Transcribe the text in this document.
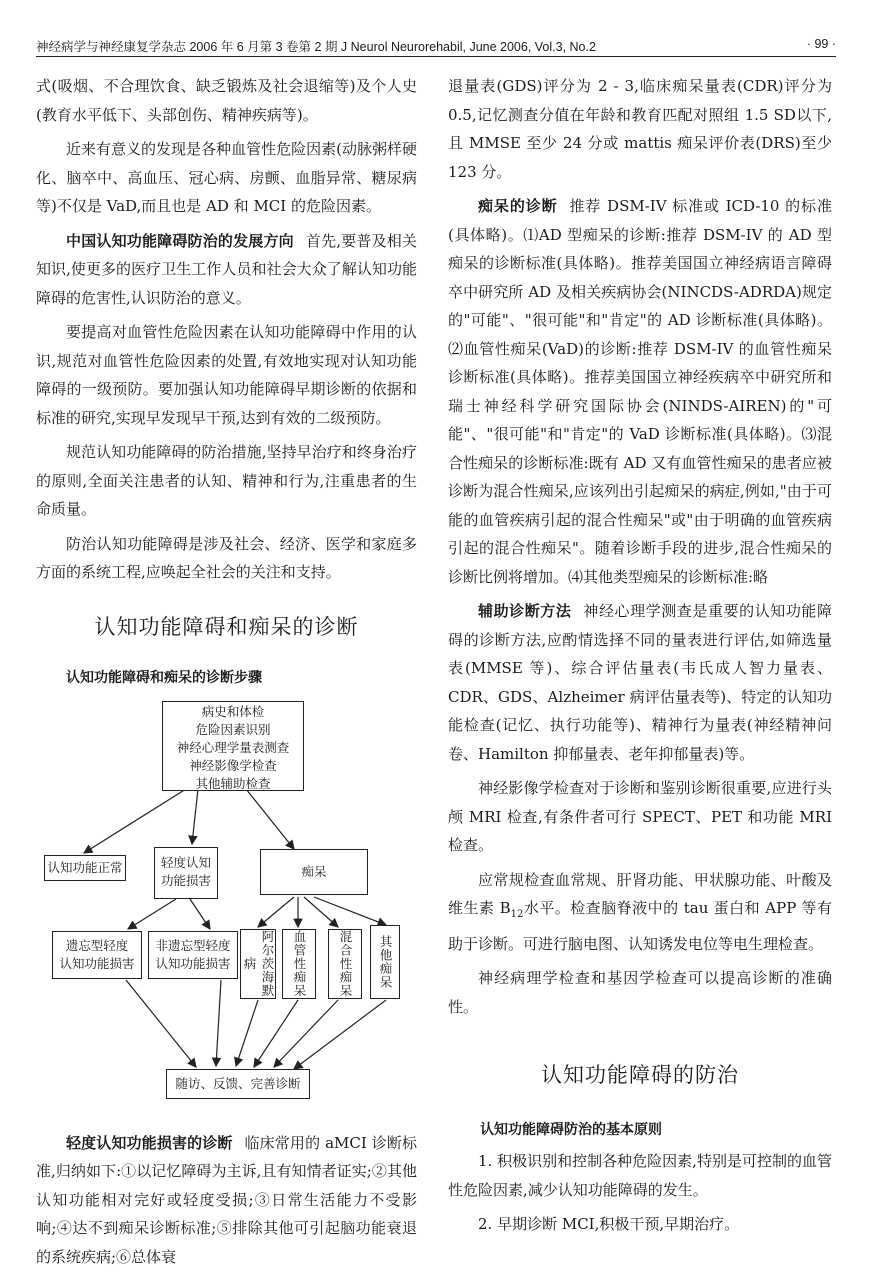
神经病学与神经康复学杂志 2006 年 6 月第 3 卷第 2 期 J Neurol Neurorehabil, June 2006, Vol.3, No.2	· 99 ·

式(吸烟、不合理饮食、缺乏锻炼及社会退缩等)及个人史(教育水平低下、头部创伤、精神疾病等)。

近来有意义的发现是各种血管性危险因素(动脉粥样硬化、脑卒中、高血压、冠心病、房颤、血脂异常、糖尿病等)不仅是 VaD,而且也是 AD 和 MCI 的危险因素。

中国认知功能障碍防治的发展方向 首先,要普及相关知识,使更多的医疗卫生工作人员和社会大众了解认知功能障碍的危害性,认识防治的意义。

要提高对血管性危险因素在认知功能障碍中作用的认识,规范对血管性危险因素的处置,有效地实现对认知功能障碍的一级预防。要加强认知功能障碍早期诊断的依据和标准的研究,实现早发现早干预,达到有效的二级预防。

规范认知功能障碍的防治措施,坚持早治疗和终身治疗的原则,全面关注患者的认知、精神和行为,注重患者的生命质量。

防治认知功能障碍是涉及社会、经济、医学和家庭多方面的系统工程,应唤起全社会的关注和支持。

认知功能障碍和痴呆的诊断
认知功能障碍和痴呆的诊断步骤
病史和体检
危险因素识别
神经心理学量表测查
神经影像学检查
其他辅助检查
认知功能正常	轻度认知
功能损害
痴呆
遗忘型轻度
认知功能损害
非遗忘型轻度
认知功能损害	阿尔茨海默病	血管性痴呆 混合性痴呆 其他痴呆
随访、反馈、完善诊断

轻度认知功能损害的诊断 临床常用的 aMCI 诊断标准,归纳如下:①以记忆障碍为主诉,且有知情者证实;②其他认知功能相对完好或轻度受损;③日常生活能力不受影响;④达不到痴呆诊断标准;⑤排除其他可引起脑功能衰退的系统疾病;⑥总体衰

退量表(GDS)评分为 2 - 3,临床痴呆量表(CDR)评分为 0.5,记忆测查分值在年龄和教育匹配对照组 1.5 SD以下,且 MMSE 至少 24 分或 mattis 痴呆评价表(DRS)至少 123 分。

痴呆的诊断 推荐 DSM-IV 标准或 ICD-10 的标准(具体略)。⑴AD 型痴呆的诊断:推荐 DSM-IV 的 AD 型痴呆的诊断标准(具体略)。推荐美国国立神经病语言障碍卒中研究所 AD 及相关疾病协会(NINCDS-ADRDA)规定的"可能"、"很可能"和"肯定"的 AD 诊断标准(具体略)。⑵血管性痴呆(VaD)的诊断:推荐 DSM-IV 的血管性痴呆诊断标准(具体略)。推荐美国国立神经疾病卒中研究所和瑞士神经科学研究国际协会(NINDS-AIREN)的"可能"、"很可能"和"肯定"的 VaD 诊断标准(具体略)。⑶混合性痴呆的诊断标准:既有 AD 又有血管性痴呆的患者应被诊断为混合性痴呆,应该列出引起痴呆的病症,例如,"由于可能的血管疾病引起的混合性痴呆"或"由于明确的血管疾病引起的混合性痴呆"。随着诊断手段的进步,混合性痴呆的诊断比例将增加。⑷其他类型痴呆的诊断标准:略

辅助诊断方法 神经心理学测查是重要的认知功能障碍的诊断方法,应酌情选择不同的量表进行评估,如筛选量表(MMSE 等)、综合评估量表(韦氏成人智力量表、CDR、GDS、Alzheimer 病评估量表等)、特定的认知功能检查(记忆、执行功能等)、精神行为量表(神经精神问卷、Hamilton 抑郁量表、老年抑郁量表)等。

神经影像学检查对于诊断和鉴别诊断很重要,应进行头颅 MRI 检查,有条件者可行 SPECT、PET 和功能 MRI 检查。

应常规检查血常规、肝肾功能、甲状腺功能、叶酸及维生素 $B_{12}$水平。检查脑脊液中的 tau 蛋白和 APP 等有助于诊断。可进行脑电图、认知诱发电位等电生理检查。

神经病理学检查和基因学检查可以提高诊断的准确性。

认知功能障碍的防治
认知功能障碍防治的基本原则

1. 积极识别和控制各种危险因素,特别是可控制的血管性危险因素,减少认知功能障碍的发生。

2. 早期诊断 MCI,积极干预,早期治疗。
